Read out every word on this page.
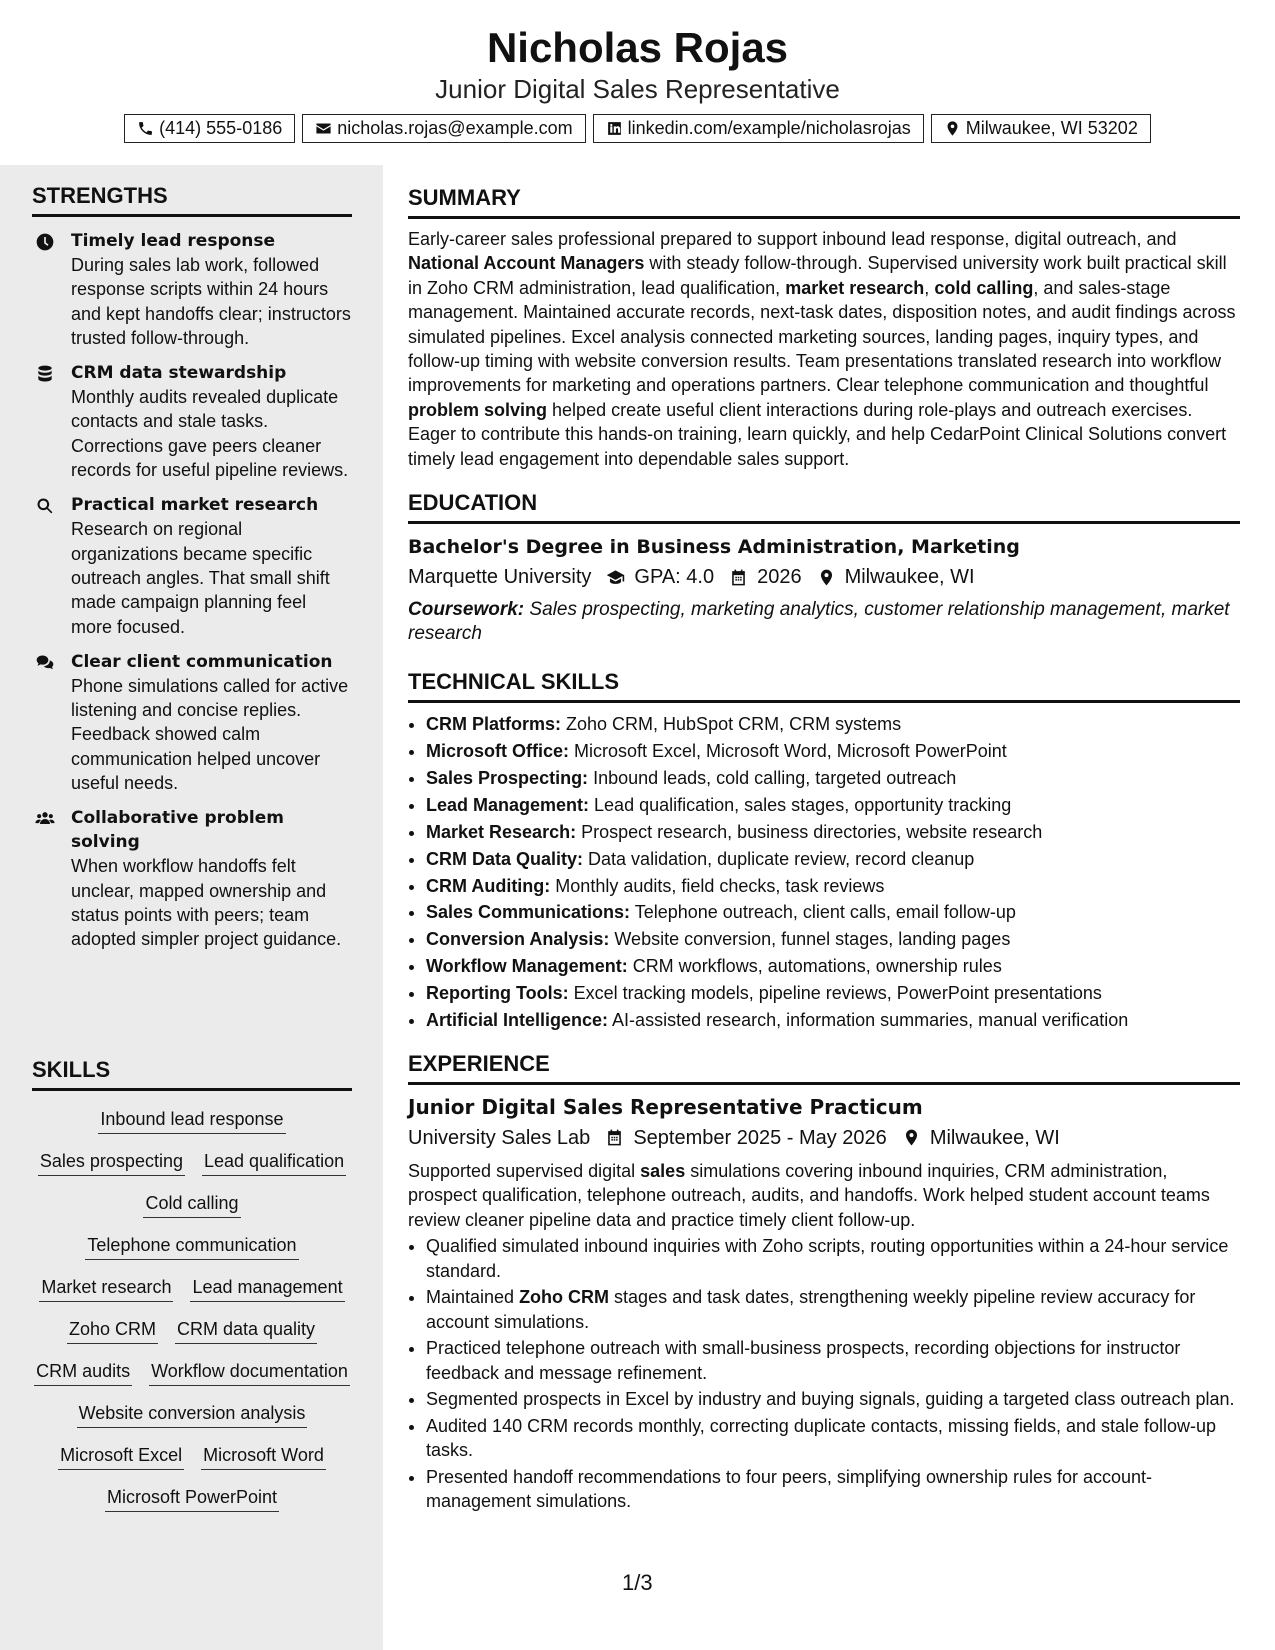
Nicholas Rojas
Junior Digital Sales Representative
(414) 555-0186	nicholas.rojas@example.com	linkedin.com/example/nicholasrojas	Milwaukee, WI 53202
STRENGTHS
Timely lead response
During sales lab work, followed response scripts within 24 hours and kept handoffs clear; instructors trusted follow-through.
CRM data stewardship
Monthly audits revealed duplicate contacts and stale tasks. Corrections gave peers cleaner records for useful pipeline reviews.
Practical market research
Research on regional organizations became specific outreach angles. That small shift made campaign planning feel more focused.
Clear client communication
Phone simulations called for active listening and concise replies. Feedback showed calm communication helped uncover useful needs.
Collaborative problem solving
When workflow handoffs felt unclear, mapped ownership and status points with peers; team adopted simpler project guidance.
SKILLS
Inbound lead response
Sales prospecting Lead qualification
Cold calling
Telephone communication
Market research Lead management
Zoho CRM CRM data quality
CRM audits Workflow documentation
Website conversion analysis
Microsoft Excel Microsoft Word
Microsoft PowerPoint
SUMMARY

Early-career sales professional prepared to support inbound lead response, digital outreach, and National Account Managers with steady follow-through. Supervised university work built practical skill in Zoho CRM administration, lead qualification, market research, cold calling, and sales-stage management. Maintained accurate records, next-task dates, disposition notes, and audit findings across simulated pipelines. Excel analysis connected marketing sources, landing pages, inquiry types, and follow-up timing with website conversion results. Team presentations translated research into workflow improvements for marketing and operations partners. Clear telephone communication and thoughtful problem solving helped create useful client interactions during role-plays and outreach exercises. Eager to contribute this hands-on training, learn quickly, and help CedarPoint Clinical Solutions convert timely lead engagement into dependable sales support.

EDUCATION
Bachelor's Degree in Business Administration, Marketing
Marquette University GPA: 4.0 2026 Milwaukee, WI
Coursework: Sales prospecting, marketing analytics, customer relationship management, market research
TECHNICAL SKILLS
• CRM Platforms: Zoho CRM, HubSpot CRM, CRM systems
• Microsoft Office: Microsoft Excel, Microsoft Word, Microsoft PowerPoint
• Sales Prospecting: Inbound leads, cold calling, targeted outreach
• Lead Management: Lead qualification, sales stages, opportunity tracking
• Market Research: Prospect research, business directories, website research
• CRM Data Quality: Data validation, duplicate review, record cleanup
• CRM Auditing: Monthly audits, field checks, task reviews
• Sales Communications: Telephone outreach, client calls, email follow-up
• Conversion Analysis: Website conversion, funnel stages, landing pages
• Workflow Management: CRM workflows, automations, ownership rules
• Reporting Tools: Excel tracking models, pipeline reviews, PowerPoint presentations
• Artificial Intelligence: AI-assisted research, information summaries, manual verification
EXPERIENCE
Junior Digital Sales Representative Practicum
University Sales Lab September 2025 - May 2026 Milwaukee, WI

Supported supervised digital sales simulations covering inbound inquiries, CRM administration, prospect qualification, telephone outreach, audits, and handoffs. Work helped student account teams review cleaner pipeline data and practice timely client follow-up.

• Qualified simulated inbound inquiries with Zoho scripts, routing opportunities within a 24-hour service standard.
• Maintained Zoho CRM stages and task dates, strengthening weekly pipeline review accuracy for account simulations.
• Practiced telephone outreach with small-business prospects, recording objections for instructor feedback and message refinement.
• Segmented prospects in Excel by industry and buying signals, guiding a targeted class outreach plan.
• Audited 140 CRM records monthly, correcting duplicate contacts, missing fields, and stale follow-up tasks.
• Presented handoff recommendations to four peers, simplifying ownership rules for account-management simulations.
1/3
